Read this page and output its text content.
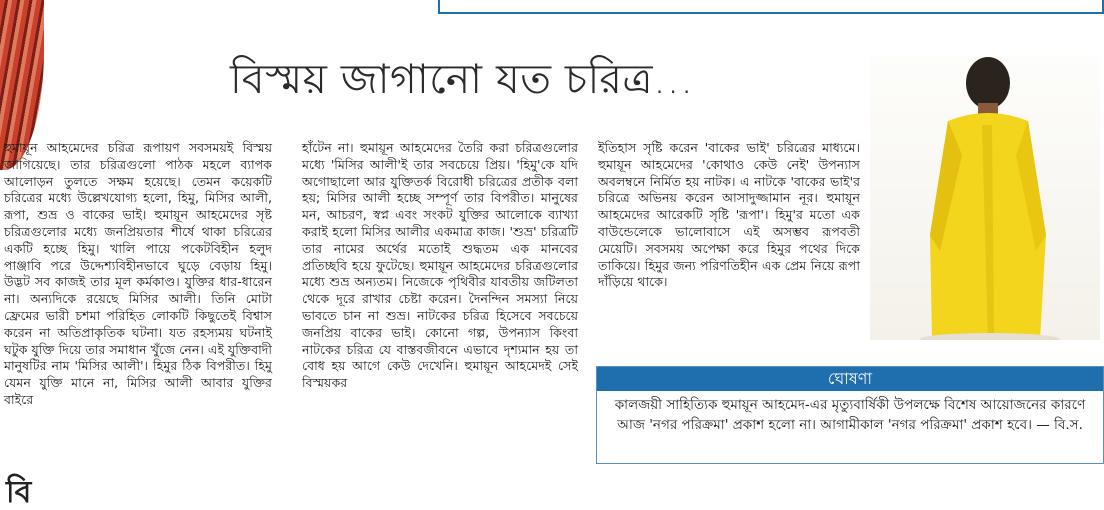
বিস্ময় জাগানো যত চরিত্র...
হুমায়ূন আহমেদের চরিত্র রূপায়ণ সবসময়ই বিস্ময় জাগিয়েছে। তার চরিত্রগুলো পাঠক মহলে ব্যাপক আলোড়ন তুলতে সক্ষম হয়েছে। তেমন কয়েকটি চরিত্রের মধ্যে উল্লেখযোগ্য হলো, হিমু, মিসির আলী, রূপা, শুভ্র ও বাকের ভাই। হুমায়ূন আহমেদের সৃষ্ট চরিত্রগুলোর মধ্যে জনপ্রিয়তার শীর্ষে থাকা চরিত্রের একটি হচ্ছে হিমু। খালি পায়ে পকেটবিহীন হলুদ পাঞ্জাবি পরে উদ্দেশ্যবিহীনভাবে ঘুড়ে বেড়ায় হিমু। উদ্ভট সব কাজই তার মূল কর্মকাণ্ড। যুক্তির ধার-ধারেন না। অন্যদিকে রয়েছে মিসির আলী। তিনি মোটা ফ্রেমের ভারী চশমা পরিহিত লোকটি কিছুতেই বিশ্বাস করেন না অতিপ্রাকৃতিক ঘটনা। যত রহস্যময় ঘটনাই ঘটুক যুক্তি দিয়ে তার সমাধান খুঁজে নেন। এই যুক্তিবাদী মানুষটির নাম 'মিসির আলী'। হিমুর ঠিক বিপরীত। হিমু যেমন যুক্তি মানে না, মিসির আলী আবার যুক্তির বাইরে
হাঁটেন না। হুমায়ূন আহমেদের তৈরি করা চরিত্রগুলোর মধ্যে 'মিসির আলী'ই তার সবচেয়ে প্রিয়। 'হিমু'কে যদি অগোছালো আর যুক্তিতর্ক বিরোধী চরিত্রের প্রতীক বলা হয়; মিসির আলী হচ্ছে সম্পূর্ণ তার বিপরীত। মানুষের মন, আচরণ, স্বপ্ন এবং সংকট যুক্তির আলোকে ব্যাখ্যা করাই হলো মিসির আলীর একমাত্র কাজ। 'শুভ্র' চরিত্রটি তার নামের অর্থের মতোই শুদ্ধতম এক মানবের প্রতিচ্ছবি হয়ে ফুটেছে। হুমায়ূন আহমেদের চরিত্রগুলোর মধ্যে শুভ্র অন্যতম। নিজেকে পৃথিবীর যাবতীয় জটিলতা থেকে দূরে রাখার চেষ্টা করেন। দৈনন্দিন সমস্যা নিয়ে ভাবতে চান না শুভ্র। নাটকের চরিত্র হিসেবে সবচেয়ে জনপ্রিয় বাকের ভাই। কোনো গল্প, উপন্যাস কিংবা নাটকের চরিত্র যে বাস্তবজীবনে এভাবে দৃশ্যমান হয় তা বোধ হয় আগে কেউ দেখেনি। হুমায়ূন আহমেদই সেই বিস্ময়কর
ইতিহাস সৃষ্টি করেন 'বাকের ভাই' চরিত্রের মাধ্যমে। হুমায়ূন আহমেদের 'কোথাও কেউ নেই' উপন্যাস অবলম্বনে নির্মিত হয় নাটক। এ নাটকে 'বাকের ভাই'র চরিত্রে অভিনয় করেন আসাদুজ্জামান নূর। হুমায়ূন আহমেদের আরেকটি সৃষ্টি 'রূপা'। হিমু'র মতো এক বাউন্ডেলেকে ভালোবাসে এই অসম্ভব রূপবতী মেয়েটি। সবসময় অপেক্ষা করে হিমুর পথের দিকে তাকিয়ে। হিমুর জন্য পরিণতিহীন এক প্রেম নিয়ে রূপা দাঁড়িয়ে থাকে।
ঘোষণা
কালজয়ী সাহিত্যিক হুমায়ূন আহমেদ-এর মৃত্যুবার্ষিকী উপলক্ষে বিশেষ আয়োজনের কারণে আজ 'নগর পরিক্রমা' প্রকাশ হলো না। আগামীকাল 'নগর পরিক্রমা' প্রকাশ হবে। — বি.স.
বি
